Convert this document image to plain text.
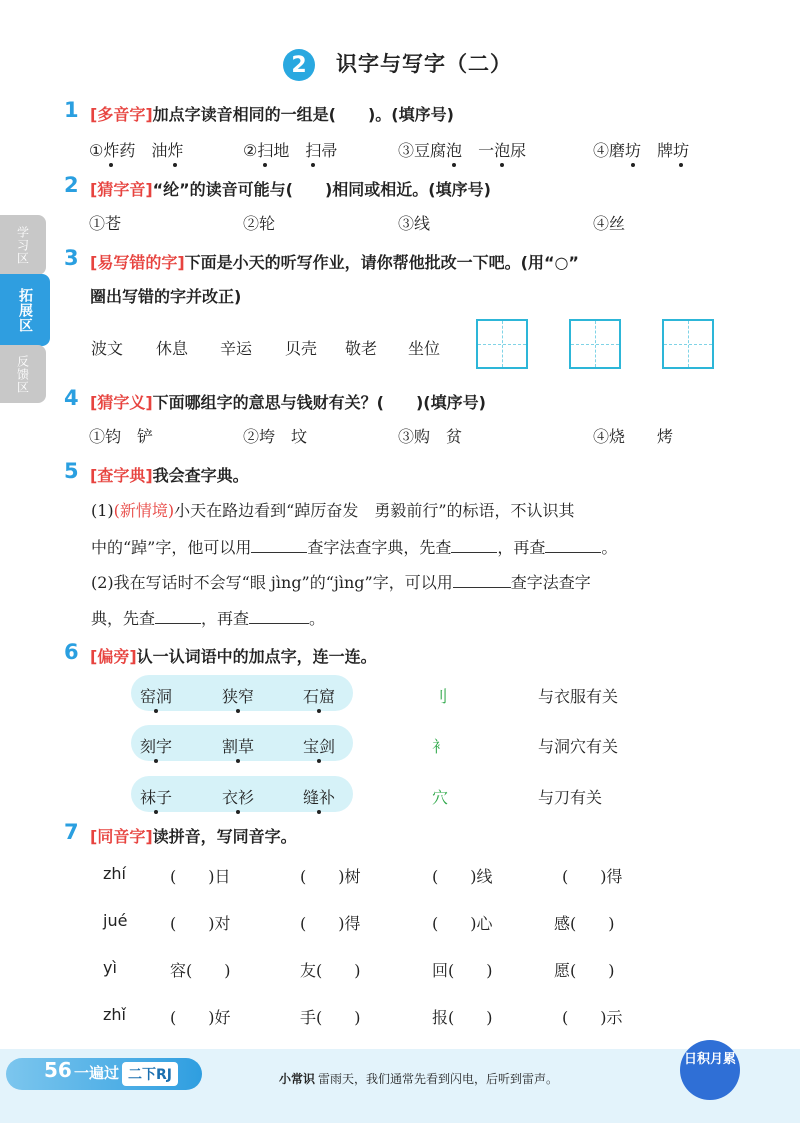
2	识字与写字（二）
学习区
拓展区
反馈区
1 [多音字]加点字读音相同的一组是(　　)。(填序号)
①炸药　 油炸	②扫地　 扫帚	③豆腐泡　 一泡尿	④磨坊　 牌坊
2 [猜字音]“纶”的读音可能与(　　)相同或相近。(填序号)
①苍	②轮	③线	④丝
3 [易写错的字]下面是小天的听写作业，请你帮他批改一下吧。(用“○”
圈出写错的字并改正)
波文 休息 辛运 贝壳 敬老 坐位
4 [猜字义]下面哪组字的意思与钱财有关？(　　)(填序号)
①钧　铲	②垮　坟	③购　贫	④烧　　烤
5 [查字典]我会查字典。
(1)(新情境)小天在路边看到“踔厉奋发　勇毅前行”的标语，不认识其
中的“踔”字，他可以用	查字法查字典，先查	，再查	。
(2)我在写话时不会写“眼 jìng”的“jìng”字，可以用	查字法查字
典，先查	，再查	。
6 [偏旁]认一认词语中的加点字，连一连。
窑洞	狭窄	石窟	刂	与衣服有关
刻字	割草	宝剑	衤	与洞穴有关
袜子	衣衫	缝补	穴	与刀有关
7 [同音字]读拼音，写同音字。
zhí	(　　)日	(　　)树	(　　)线	(　　)得
jué	(　　)对	(　　)得	(　　)心	感(　　)
yì	容(　　)	友(　　)	回(　　)	愿(　　)
zhǐ	(　　)好	手(　　)	报(　　)	(　　)示
56 一遍过 二下RJ	小常识 雷雨天，我们通常先看到闪电，后听到雷声。
日积月累
